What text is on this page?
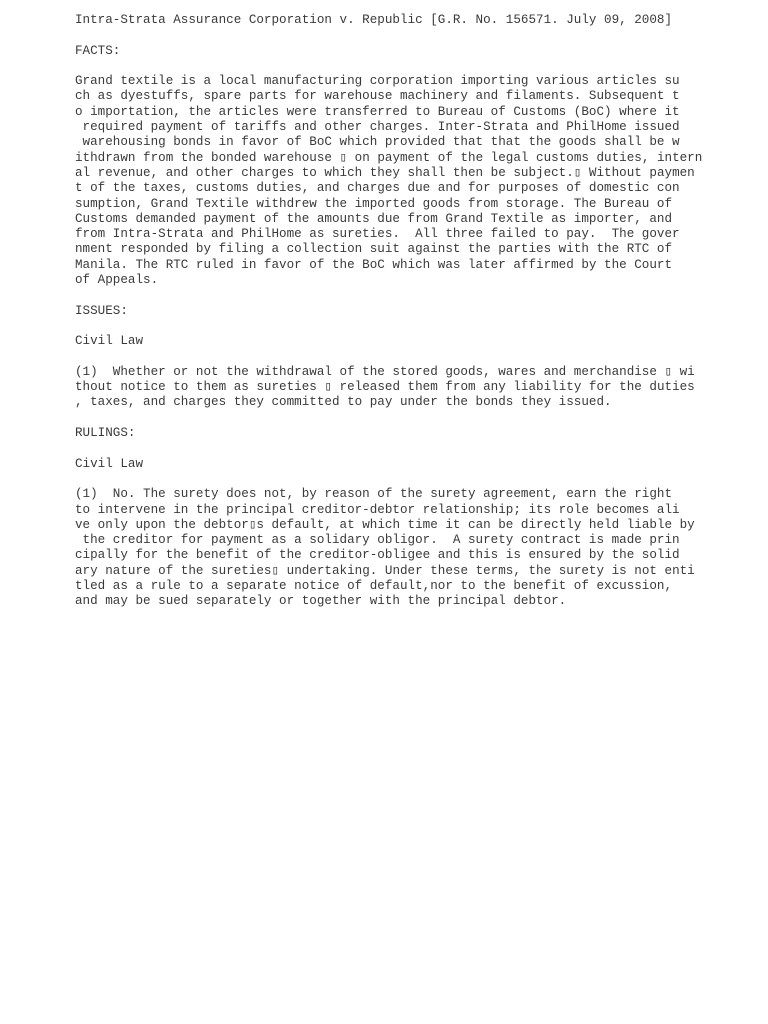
Intra-Strata Assurance Corporation v. Republic [G.R. No. 156571. July 09, 2008]
FACTS:
Grand textile is a local manufacturing corporation importing various articles su
ch as dyestuffs, spare parts for warehouse machinery and filaments. Subsequent t
o importation, the articles were transferred to Bureau of Customs (BoC) where it
required payment of tariffs and other charges. Inter-Strata and PhilHome issued
warehousing bonds in favor of BoC which provided that that the goods shall be w
ithdrawn from the bonded warehouse ▯ on payment of the legal customs duties, intern
al revenue, and other charges to which they shall then be subject.▯ Without paymen
t of the taxes, customs duties, and charges due and for purposes of domestic con
sumption, Grand Textile withdrew the imported goods from storage. The Bureau of
Customs demanded payment of the amounts due from Grand Textile as importer, and
from Intra-Strata and PhilHome as sureties.  All three failed to pay.  The gover
nment responded by filing a collection suit against the parties with the RTC of
Manila. The RTC ruled in favor of the BoC which was later affirmed by the Court
of Appeals.
ISSUES:
Civil Law
(1)  Whether or not the withdrawal of the stored goods, wares and merchandise ▯ wi
thout notice to them as sureties ▯ released them from any liability for the duties
, taxes, and charges they committed to pay under the bonds they issued.
RULINGS:
Civil Law
(1)  No. The surety does not, by reason of the surety agreement, earn the right
to intervene in the principal creditor-debtor relationship; its role becomes ali
ve only upon the debtor▯s default, at which time it can be directly held liable by
the creditor for payment as a solidary obligor.  A surety contract is made prin
cipally for the benefit of the creditor-obligee and this is ensured by the solid
ary nature of the sureties▯ undertaking. Under these terms, the surety is not enti
tled as a rule to a separate notice of default,nor to the benefit of excussion,
and may be sued separately or together with the principal debtor.
